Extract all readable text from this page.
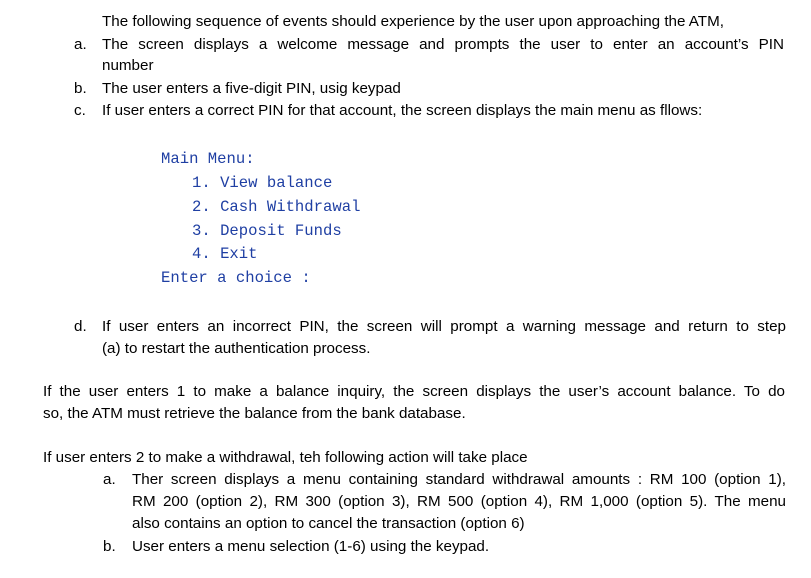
The following sequence of events should experience by the user upon approaching the ATM,
a. The screen displays a welcome message and prompts the user to enter an account’s PIN
number
b. The user enters a five-digit PIN, usig keypad
c. If user enters a correct PIN for that account, the screen displays the main menu as fllows:
Main Menu:
1. View balance
2. Cash Withdrawal
3. Deposit Funds
4. Exit
Enter a choice :
d. If user enters an incorrect PIN, the screen will prompt a warning message and return to step
(a) to restart the authentication process.
If the user enters 1 to make a balance inquiry, the screen displays the user’s account balance. To do
so, the ATM must retrieve the balance from the bank database.
If user enters 2 to make a withdrawal, teh following action will take place
a. Ther screen displays a menu containing standard withdrawal amounts : RM 100 (option 1),
RM 200 (option 2), RM 300 (option 3), RM 500 (option 4), RM 1,000 (option 5). The menu
also contains an option to cancel the transaction (option 6)
b. User enters a menu selection (1-6) using the keypad.
